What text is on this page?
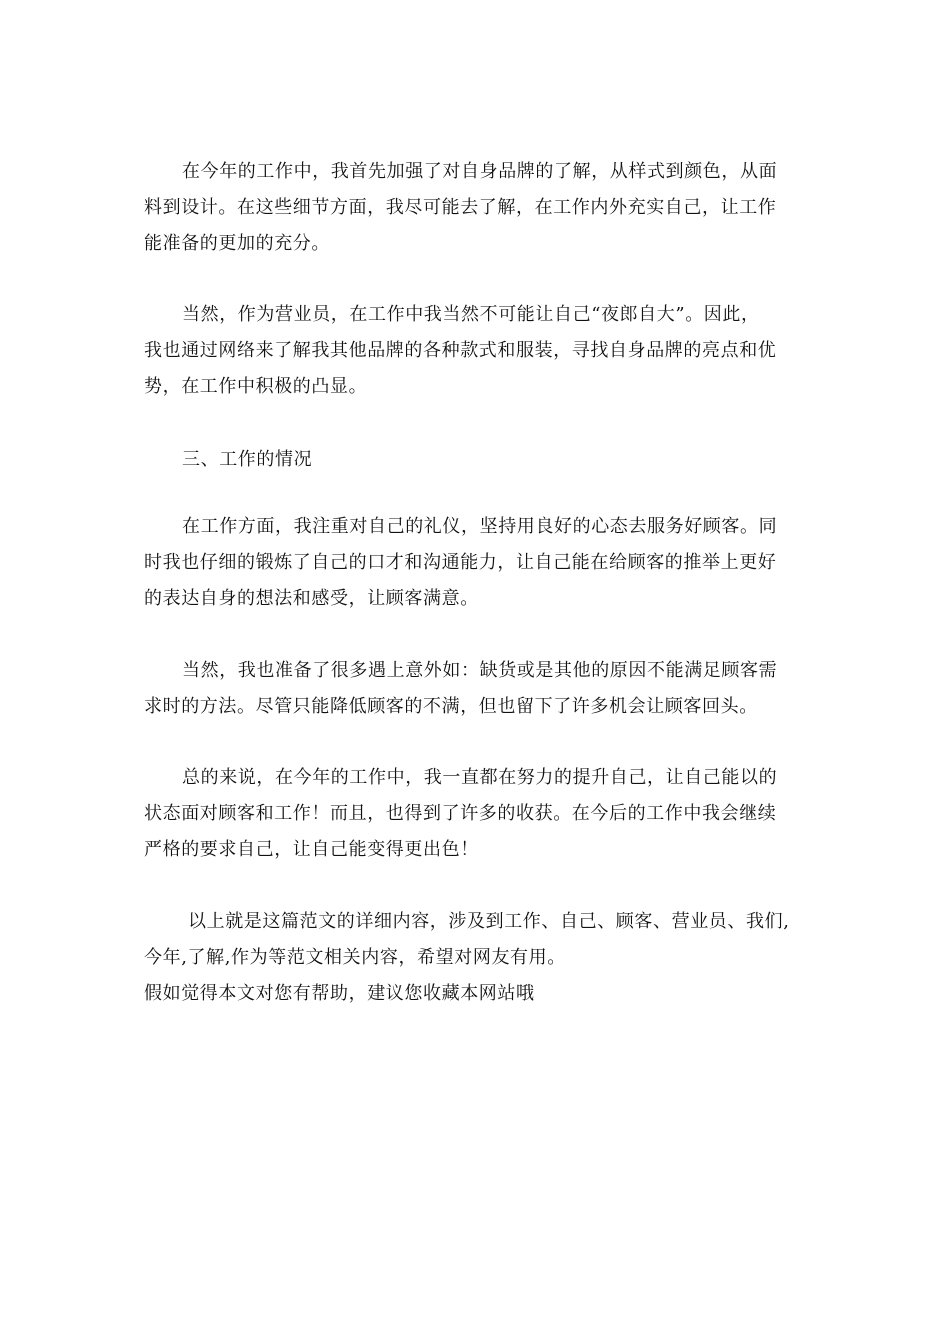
在今年的工作中，我首先加强了对自身品牌的了解，从样式到颜色，从面
料到设计。在这些细节方面，我尽可能去了解，在工作内外充实自己，让工作
能准备的更加的充分。
当然，作为营业员，在工作中我当然不可能让自己“夜郎自大”。因此，
我也通过网络来了解我其他品牌的各种款式和服装，寻找自身品牌的亮点和优
势，在工作中积极的凸显。
三、工作的情况
在工作方面，我注重对自己的礼仪，坚持用良好的心态去服务好顾客。同
时我也仔细的锻炼了自己的口才和沟通能力，让自己能在给顾客的推举上更好
的表达自身的想法和感受，让顾客满意。
当然，我也准备了很多遇上意外如：缺货或是其他的原因不能满足顾客需
求时的方法。尽管只能降低顾客的不满，但也留下了许多机会让顾客回头。
总的来说，在今年的工作中，我一直都在努力的提升自己，让自己能以的
状态面对顾客和工作！而且，也得到了许多的收获。在今后的工作中我会继续
严格的要求自己，让自己能变得更出色！
以上就是这篇范文的详细内容，涉及到工作、自己、顾客、营业员、我们,
今年,了解,作为等范文相关内容，希望对网友有用。
假如觉得本文对您有帮助，建议您收藏本网站哦
